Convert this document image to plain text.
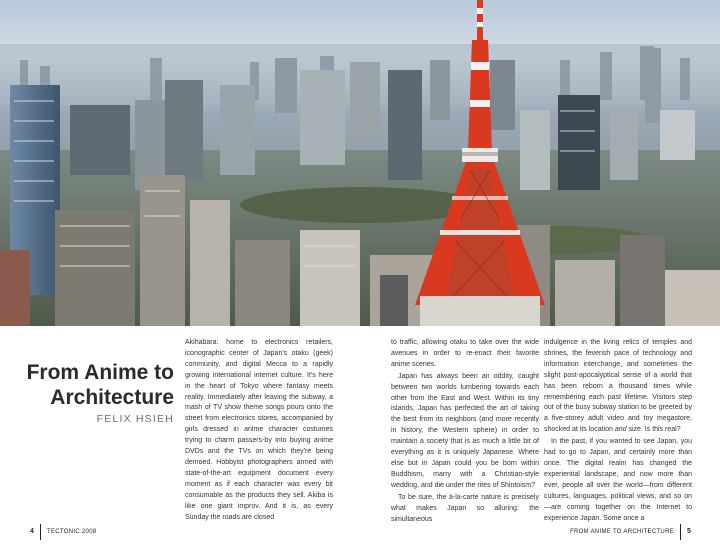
From Anime to
Architecture
FELIX HSIEH

Akihabara: home to electronics retailers, iconographic center of Japan's otaku (geek) community, and digital Mecca to a rapidly growing international internet culture. It's here in the heart of Tokyo where fantasy meets reality. Immediately after leaving the subway, a mash of TV show theme songs pours onto the street from electronics stores, accompanied by girls dressed in anime character costumes trying to charm passers-by into buying anime DVDs and the TVs on which they're being demoed. Hobbyist photographers armed with state-of-the-art equipment document every moment as if each character was every bit consumable as the products they sell. Akiba is like one giant improv. And it is, as every Sunday the roads are closed

to traffic, allowing otaku to take over the wide avenues in order to re-enact their favorite anime scenes.

Japan has always been an oddity, caught between two worlds lumbering towards each other from the East and West. Within its tiny islands, Japan has perfected the art of taking the best from its neighbors (and more recently in history, the Western sphere) in order to maintain a society that is as much a little bit of everything as it is uniquely Japanese. Where else but in Japan could you be born within Buddhism, marry with a Christian-style wedding, and die under the rites of Shintoism?

To be sure, the à-la-carte nature is precisely what makes Japan so alluring: the simultaneous

indulgence in the living relics of temples and shrines, the feverish pace of technology and information interchange, and sometimes the slight post-apocalyptical sense of a world that has been reborn a thousand times while remembering each past lifetime. Visitors step out of the busy subway station to be greeted by a five-storey adult video and toy megastore, shocked at its location and size. Is this real?

In the past, if you wanted to see Japan, you had to go to Japan, and certainly more than once. The digital realm has changed the experiential landscape, and now more than ever, people all over the world—from different cultures, languages, political views, and so on—are coming together on the Internet to experience Japan. Some once a

4 TECTONIC 2008	FROM ANIME TO ARCHITECTURE 5
